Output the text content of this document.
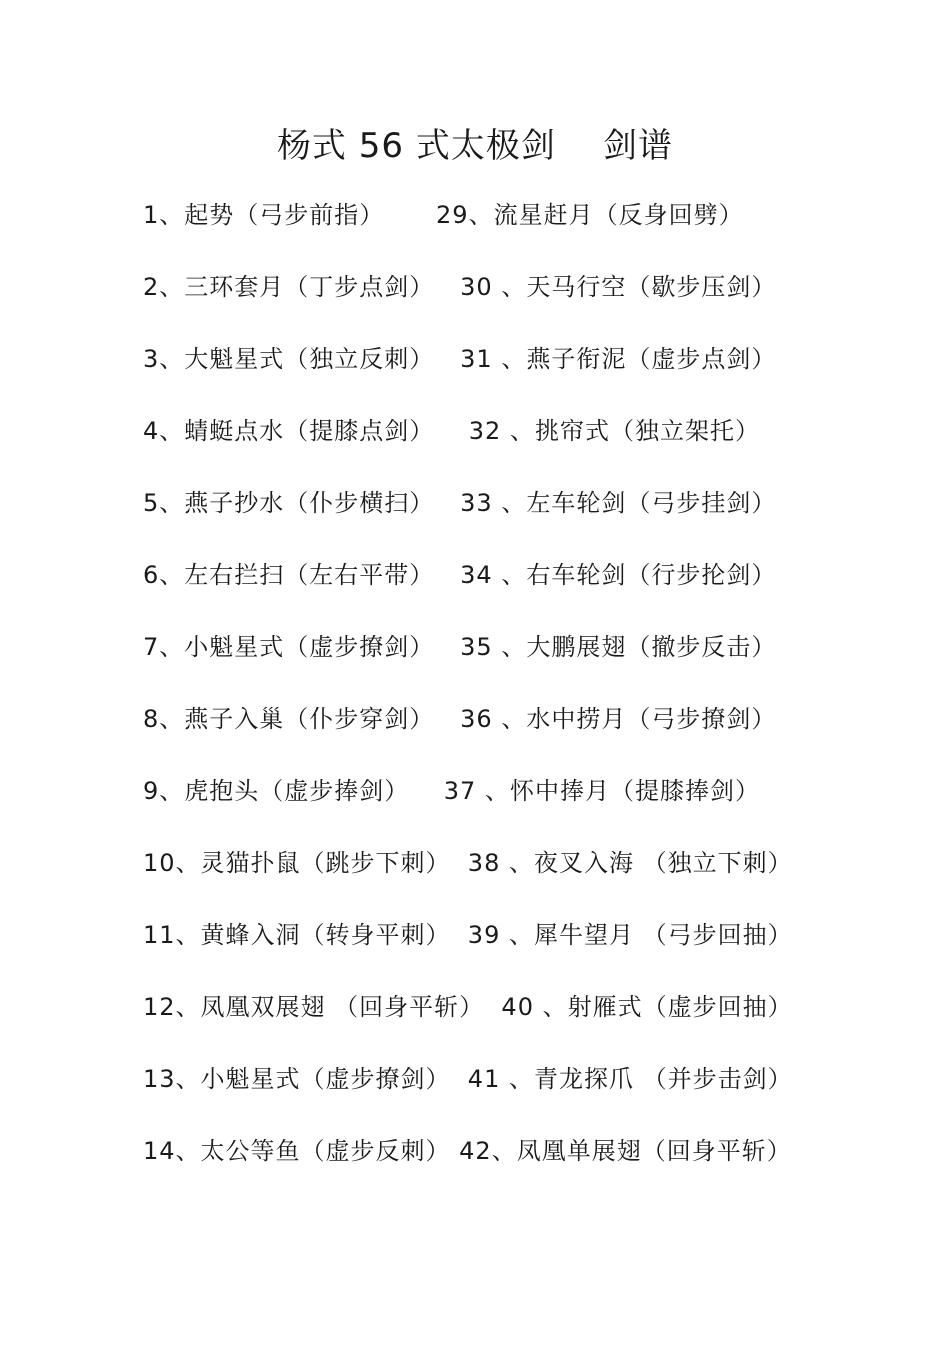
杨式 56 式太极剑    剑谱
1、起势（弓步前指）      29、流星赶月（反身回劈）
2、三环套月（丁步点剑）   30 、天马行空（歇步压剑）
3、大魁星式（独立反刺）   31 、燕子衔泥（虚步点剑）
4、蜻蜓点水（提膝点剑）    32 、挑帘式（独立架托）
5、燕子抄水（仆步横扫）   33 、左车轮剑（弓步挂剑）
6、左右拦扫（左右平带）   34 、右车轮剑（行步抡剑）
7、小魁星式（虚步撩剑）   35 、大鹏展翅（撤步反击）
8、燕子入巢（仆步穿剑）   36 、水中捞月（弓步撩剑）
9、虎抱头（虚步捧剑）    37 、怀中捧月（提膝捧剑）
10、灵猫扑鼠（跳步下刺）  38 、夜叉入海 （独立下刺）
11、黄蜂入洞（转身平刺）  39 、犀牛望月 （弓步回抽）
12、凤凰双展翅 （回身平斩）  40 、射雁式（虚步回抽）
13、小魁星式（虚步撩剑）  41 、青龙探爪 （并步击剑）
14、太公等鱼（虚步反刺） 42、凤凰单展翅（回身平斩）
